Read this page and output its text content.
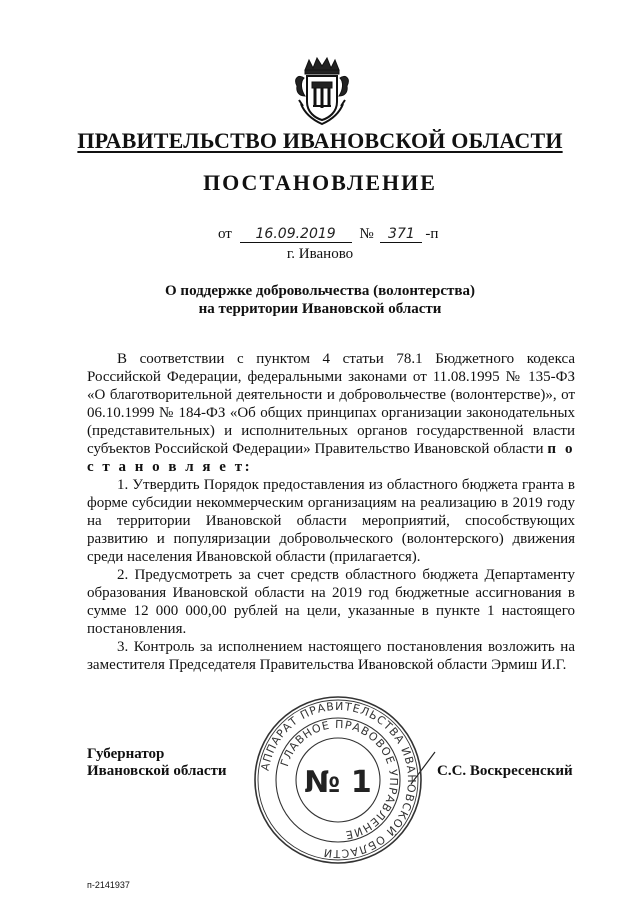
ПРАВИТЕЛЬСТВО ИВАНОВСКОЙ ОБЛАСТИ
ПОСТАНОВЛЕНИЕ
от 16.09.2019 № 371 -п
г. Иваново
О поддержке добровольчества (волонтерства)
на территории Ивановской области

В соответствии с пунктом 4 статьи 78.1 Бюджетного кодекса Российской Федерации, федеральными законами от 11.08.1995 № 135-ФЗ «О благотворительной деятельности и добровольчестве (волонтерстве)», от 06.10.1999 № 184-ФЗ «Об общих принципах организации законодательных (представительных) и исполнительных органов государственной власти субъектов Российской Федерации» Правительство Ивановской области п о с т а н о в л я е т:

1. Утвердить Порядок предоставления из областного бюджета гранта в форме субсидии некоммерческим организациям на реализацию в 2019 году на территории Ивановской области мероприятий, способствующих развитию и популяризации добровольческого (волонтерского) движения среди населения Ивановской области (прилагается).

2. Предусмотреть за счет средств областного бюджета Департаменту образования Ивановской области на 2019 год бюджетные ассигнования в сумме 12 000 000,00 рублей на цели, указанные в пункте 1 настоящего постановления.

3. Контроль за исполнением настоящего постановления возложить на заместителя Председателя Правительства Ивановской области Эрмиш И.Г.

Губернатор
Ивановской области	С.С. Воскресенский
АППАРАТ ПРАВИТЕЛЬСТВА ИВАНОВСКОЙ ОБЛАСТИ
ГЛАВНОЕ ПРАВОВОЕ УПРАВЛЕНИЕ
№ 1
п-2141937
